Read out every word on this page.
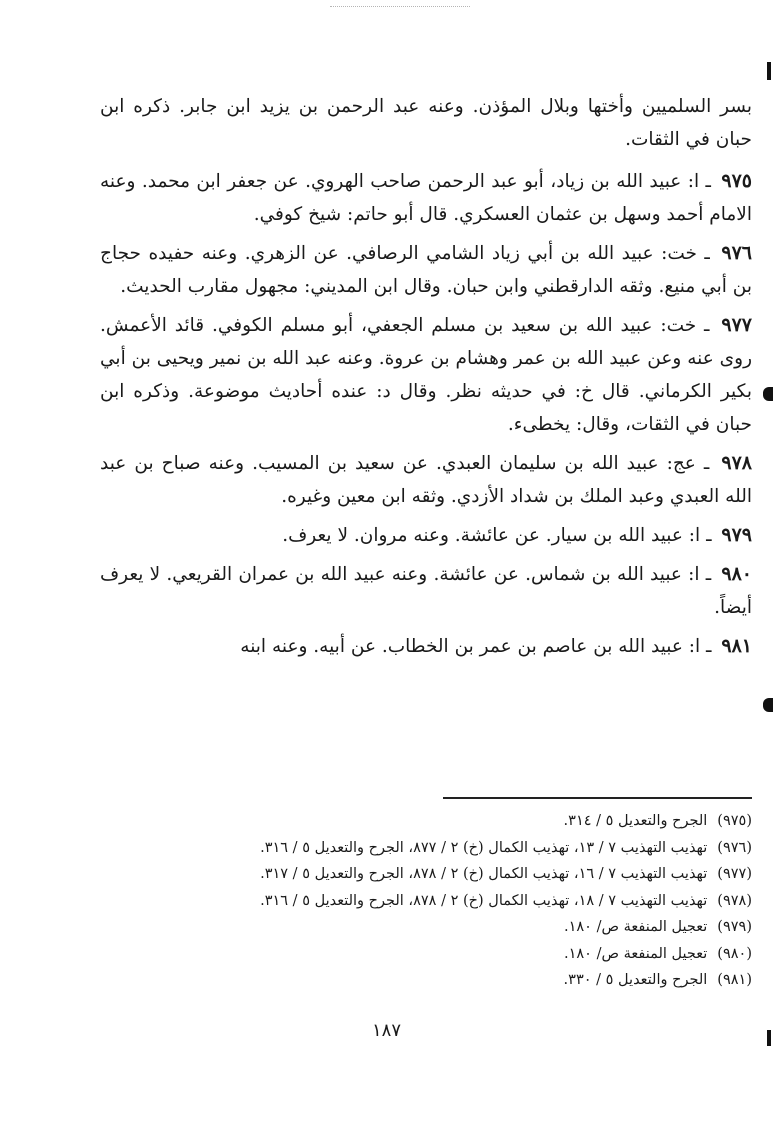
بسر السلميين وأختها وبلال المؤذن. وعنه عبد الرحمن بن يزيد ابن جابر. ذكره ابن حبان في الثقات.

٩٧٥ ـ ا: عبيد الله بن زياد، أبو عبد الرحمن صاحب الهروي. عن جعفر ابن محمد. وعنه الامام أحمد وسهل بن عثمان العسكري. قال أبو حاتم: شيخ كوفي.

٩٧٦ ـ خت: عبيد الله بن أبي زياد الشامي الرصافي. عن الزهري. وعنه حفيده حجاج بن أبي منيع. وثقه الدارقطني وابن حبان. وقال ابن المديني: مجهول مقارب الحديث.

٩٧٧ ـ خت: عبيد الله بن سعيد بن مسلم الجعفي، أبو مسلم الكوفي. قائد الأعمش. روى عنه وعن عبيد الله بن عمر وهشام بن عروة. وعنه عبد الله بن نمير ويحيى بن أبي بكير الكرماني. قال خ: في حديثه نظر. وقال د: عنده أحاديث موضوعة. وذكره ابن حبان في الثقات، وقال: يخطىء.

٩٧٨ ـ عج: عبيد الله بن سليمان العبدي. عن سعيد بن المسيب. وعنه صباح بن عبد الله العبدي وعبد الملك بن شداد الأزدي. وثقه ابن معين وغيره.

٩٧٩ ـ ا: عبيد الله بن سيار. عن عائشة. وعنه مروان. لا يعرف.

٩٨٠ ـ ا: عبيد الله بن شماس. عن عائشة. وعنه عبيد الله بن عمران القريعي. لا يعرف أيضاً.

٩٨١ ـ ا: عبيد الله بن عاصم بن عمر بن الخطاب. عن أبيه. وعنه ابنه

(٩٧٥)الجرح والتعديل ٥ / ٣١٤.
(٩٧٦)تهذيب التهذيب ٧ / ١٣، تهذيب الكمال (خ) ٢ / ٨٧٧، الجرح والتعديل ٥ / ٣١٦.
(٩٧٧)تهذيب التهذيب ٧ / ١٦، تهذيب الكمال (خ) ٢ / ٨٧٨، الجرح والتعديل ٥ / ٣١٧.
(٩٧٨)تهذيب التهذيب ٧ / ١٨، تهذيب الكمال (خ) ٢ / ٨٧٨، الجرح والتعديل ٥ / ٣١٦.
(٩٧٩)تعجيل المنفعة ص/ ١٨٠.
(٩٨٠)تعجيل المنفعة ص/ ١٨٠.
(٩٨١)الجرح والتعديل ٥ / ٣٣٠.
١٨٧
